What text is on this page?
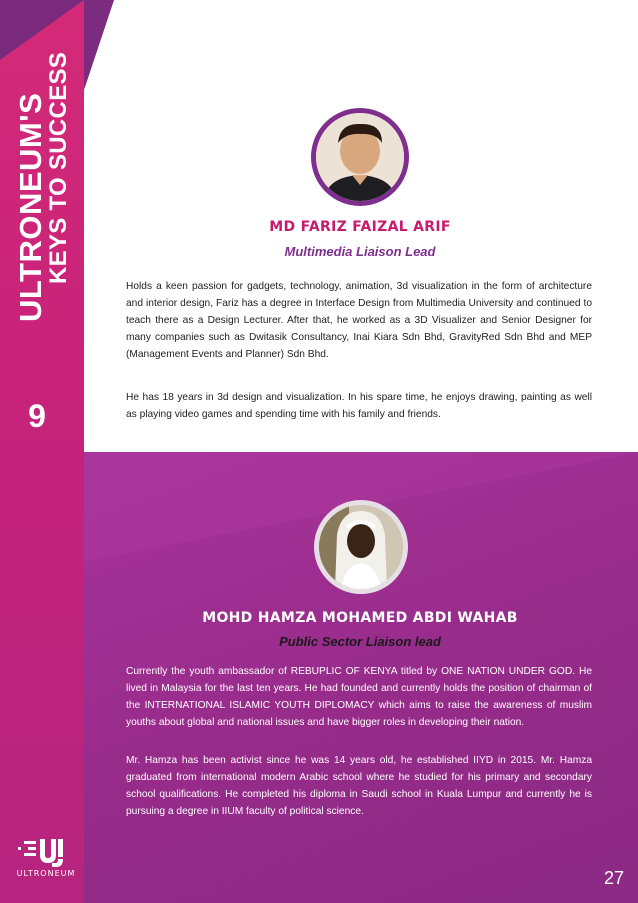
ULTRONEUM'S
KEYS TO SUCCESS
9
ULTRONEUM
MD FARIZ FAIZAL ARIF
Multimedia Liaison Lead

Holds a keen passion for gadgets, technology, animation, 3d visualization in the form of architecture and interior design, Fariz has a degree in Interface Design from Multimedia University and continued to teach there as a Design Lecturer. After that, he worked as a 3D Visualizer and Senior Designer for many companies such as Dwitasik Consultancy, Inai Kiara Sdn Bhd, GravityRed Sdn Bhd and MEP (Management Events and Planner) Sdn Bhd.

He has 18 years in 3d design and visualization. In his spare time, he enjoys drawing, painting as well as playing video games and spending time with his family and friends.

MOHD HAMZA MOHAMED ABDI WAHAB
Public Sector Liaison lead

Currently the youth ambassador of REBUPLIC OF KENYA titled by ONE NATION UNDER GOD. He lived in Malaysia for the last ten years. He had founded and currently holds the position of chairman of the INTERNATIONAL ISLAMIC YOUTH DIPLOMACY which aims to raise the awareness of muslim youths about global and national issues and have bigger roles in developing their nation.

Mr. Hamza has been activist since he was 14 years old, he established IIYD in 2015. Mr. Hamza graduated from international modern Arabic school where he studied for his primary and secondary school qualifications. He completed his diploma in Saudi school in Kuala Lumpur and currently he is pursuing a degree in IIUM faculty of political science.

27
